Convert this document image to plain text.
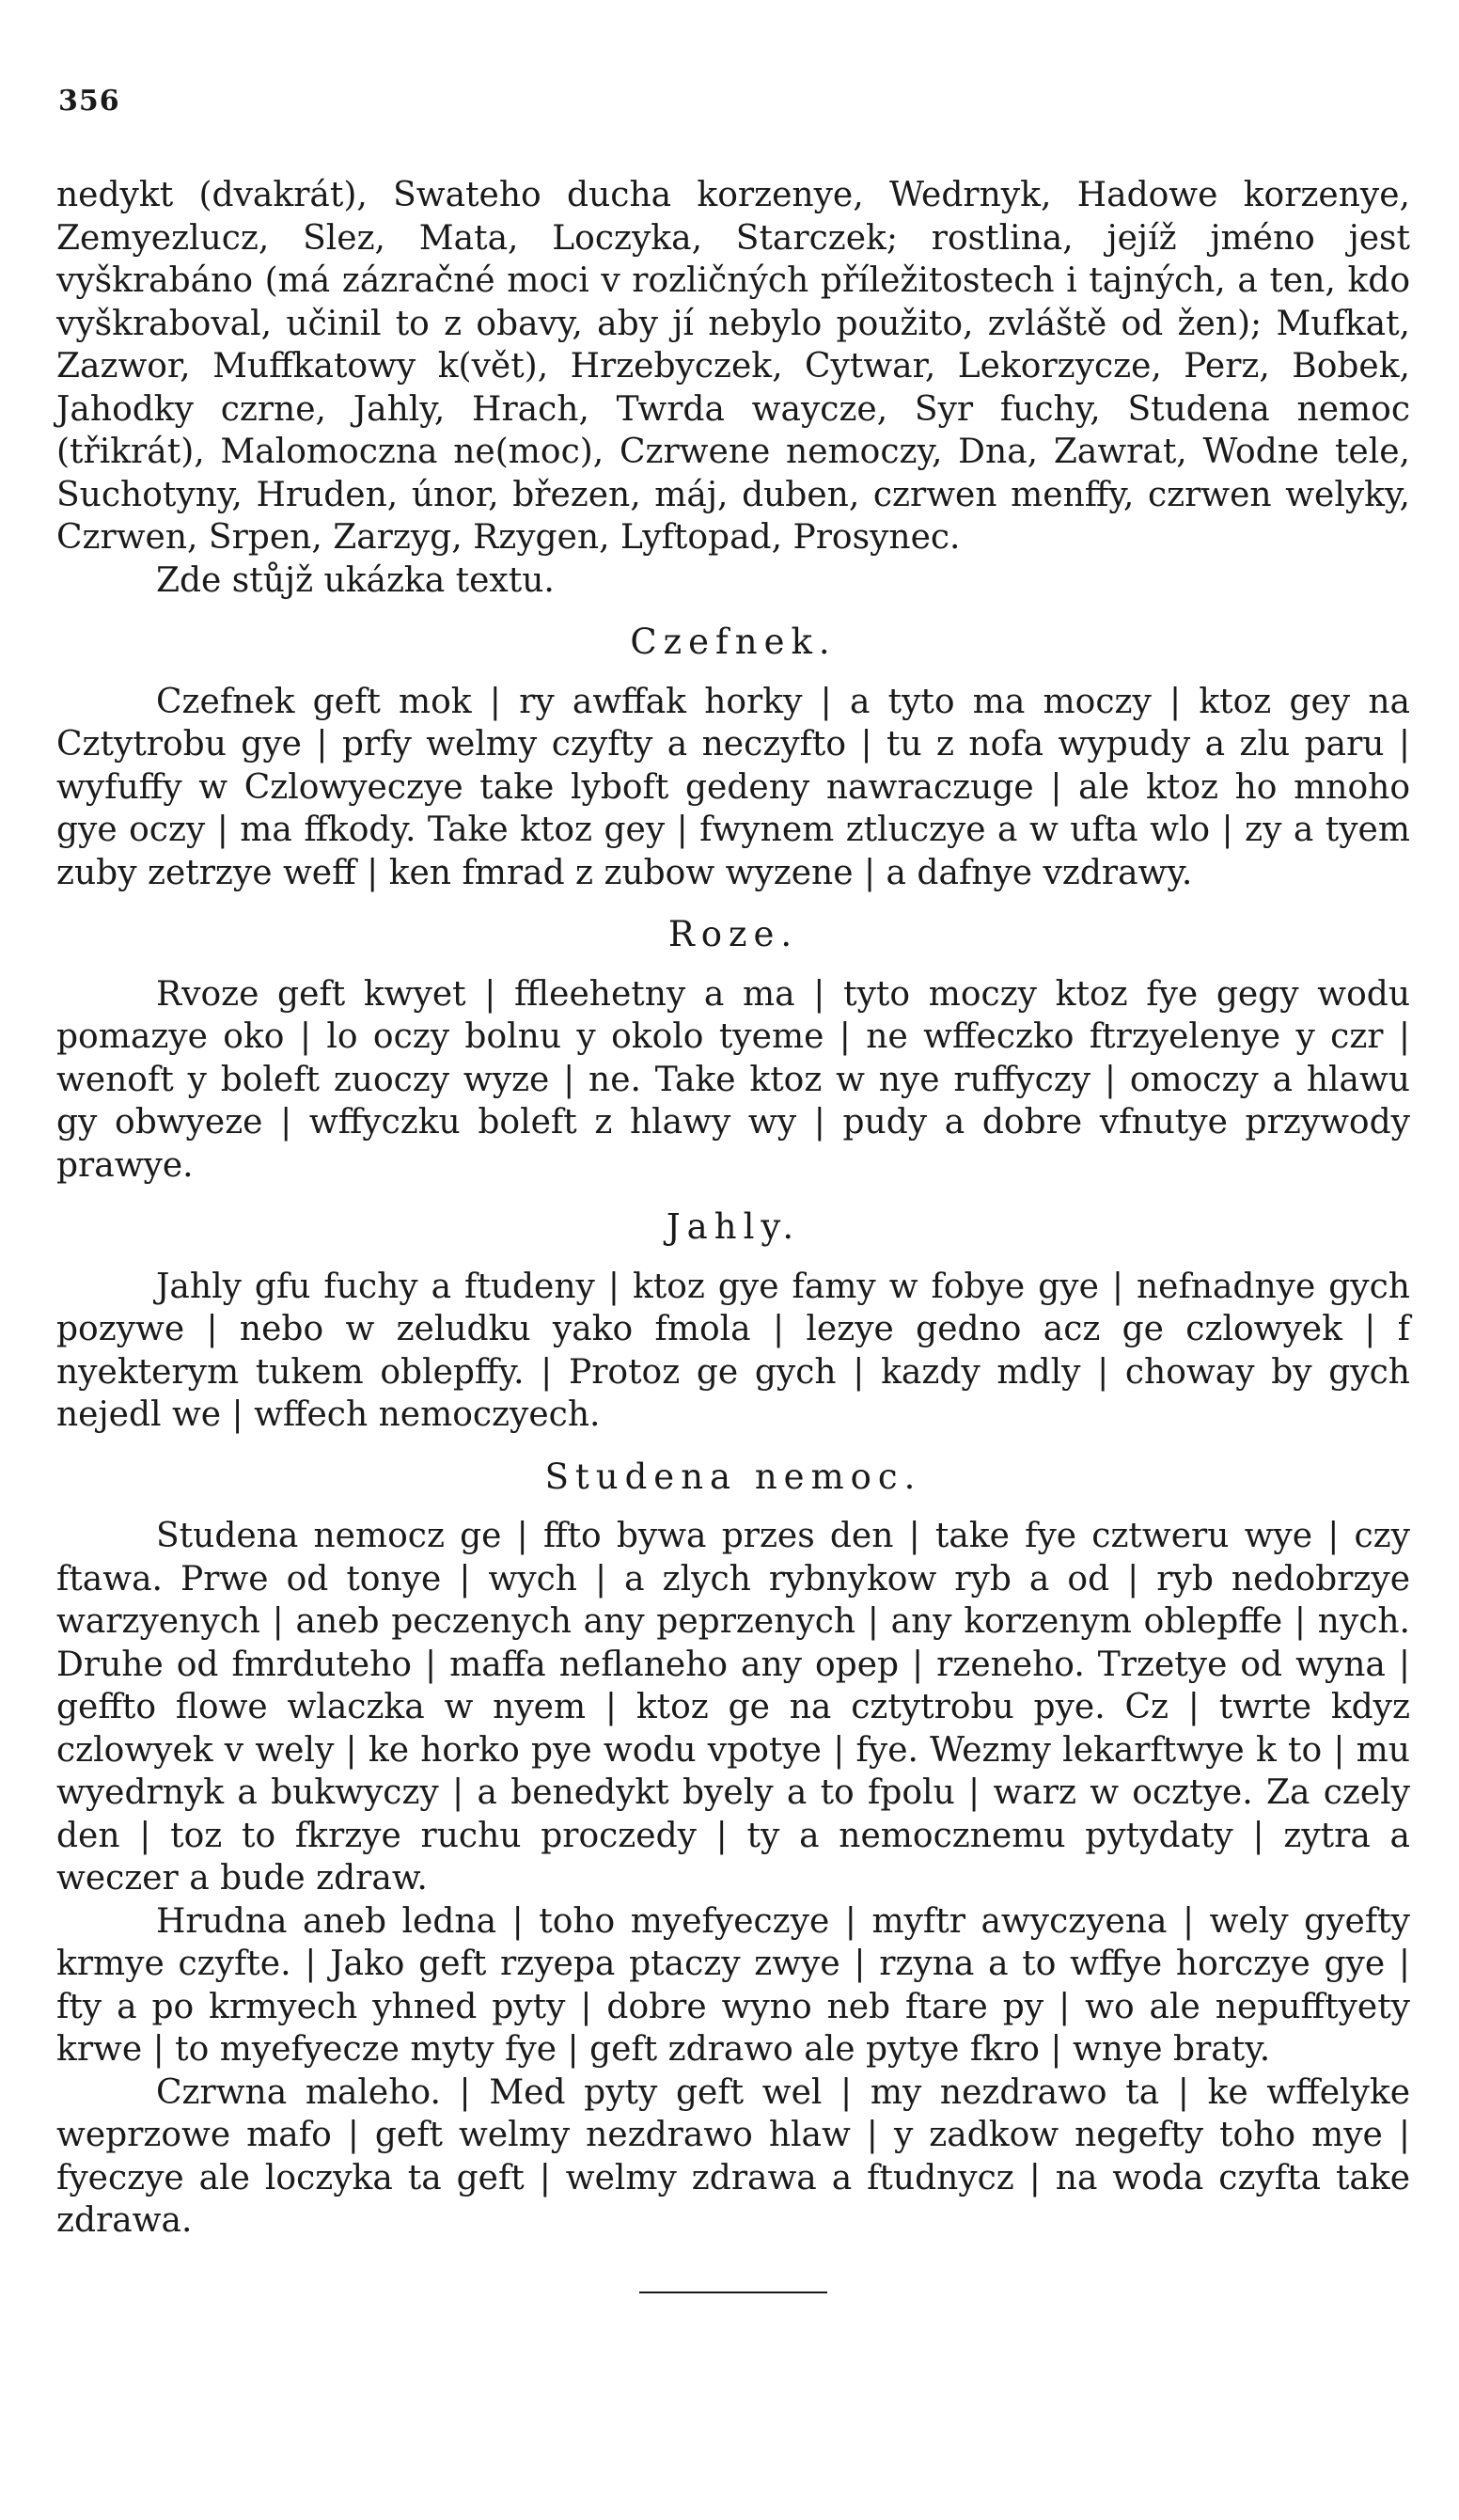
356

nedykt (dvakrát), Swateho ducha korzenye, Wedrnyk, Hadowe korzenye, Zemyezlucz, Slez, Mata, Loczyka, Starczek; rostlina, jejíž jméno jest vyškrabáno (má zázračné moci v rozličných příležitostech i tajných, a ten, kdo vyškraboval, učinil to z obavy, aby jí nebylo použito, zvláště od žen); Mufkat, Zazwor, Muffkatowy k(vět), Hrzebyczek, Cytwar, Lekorzycze, Perz, Bobek, Jahodky czrne, Jahly, Hrach, Twrda waycze, Syr fuchy, Studena nemoc (třikrát), Malomoczna ne(moc), Czrwene nemoczy, Dna, Zawrat, Wodne tele, Suchotyny, Hruden, únor, březen, máj, duben, czrwen menffy, czrwen welyky, Czrwen, Srpen, Zarzyg, Rzygen, Lyftopad, Prosynec.

Zde stůjž ukázka textu.

Czefnek.

Czefnek geft mok | ry awffak horky | a tyto ma moczy | ktoz gey na Cztytrobu gye | prfy welmy czyfty a neczyfto | tu z nofa wypudy a zlu paru | wyfuffy w Czlowyeczye take lyboft gedeny nawraczuge | ale ktoz ho mnoho gye oczy | ma ffkody. Take ktoz gey | fwynem ztluczye a w ufta wlo | zy a tyem zuby zetrzye weff | ken fmrad z zubow wyzene | a dafnye vzdrawy.

Roze.

Rvoze geft kwyet | ffleehetny a ma | tyto moczy ktoz fye gegy wodu pomazye oko | lo oczy bolnu y okolo tyeme | ne wffeczko ftrzyelenye y czr | wenoft y boleft zuoczy wyze | ne. Take ktoz w nye ruffyczy | omoczy a hlawu gy obwyeze | wffyczku boleft z hlawy wy | pudy a dobre vfnutye przywody prawye.

Jahly.

Jahly gfu fuchy a ftudeny | ktoz gye famy w fobye gye | nefnadnye gych pozywe | nebo w zeludku yako fmola | lezye gedno acz ge czlowyek | f nyekterym tukem oblepffy. | Protoz ge gych | kazdy mdly | choway by gych nejedl we | wffech nemoczyech.

Studena nemoc.

Studena nemocz ge | ffto bywa przes den | take fye cztweru wye | czy ftawa. Prwe od tonye | wych | a zlych rybnykow ryb a od | ryb nedobrzye warzyenych | aneb peczenych any peprzenych | any korzenym oblepffe | nych. Druhe od fmrduteho | maffa neflaneho any opep | rzeneho. Trzetye od wyna | geffto flowe wlaczka w nyem | ktoz ge na cztytrobu pye. Cz | twrte kdyz czlowyek v wely | ke horko pye wodu vpotye | fye. Wezmy lekarftwye k to | mu wyedrnyk a bukwyczy | a benedykt byely a to fpolu | warz w ocztye. Za czely den | toz to fkrzye ruchu proczedy | ty a nemocznemu pytydaty | zytra a weczer a bude zdraw.

Hrudna aneb ledna | toho myefyeczye | myftr awyczyena | wely gyefty krmye czyfte. | Jako geft rzyepa ptaczy zwye | rzyna a to wffye horczye gye | fty a po krmyech yhned pyty | dobre wyno neb ftare py | wo ale nepufftyety krwe | to myefyecze myty fye | geft zdrawo ale pytye fkro | wnye braty.

Czrwna maleho. | Med pyty geft wel | my nezdrawo ta | ke wffelyke weprzowe mafo | geft welmy nezdrawo hlaw | y zadkow negefty toho mye | fyeczye ale loczyka ta geft | welmy zdrawa a ftudnycz | na woda czyfta take zdrawa.
